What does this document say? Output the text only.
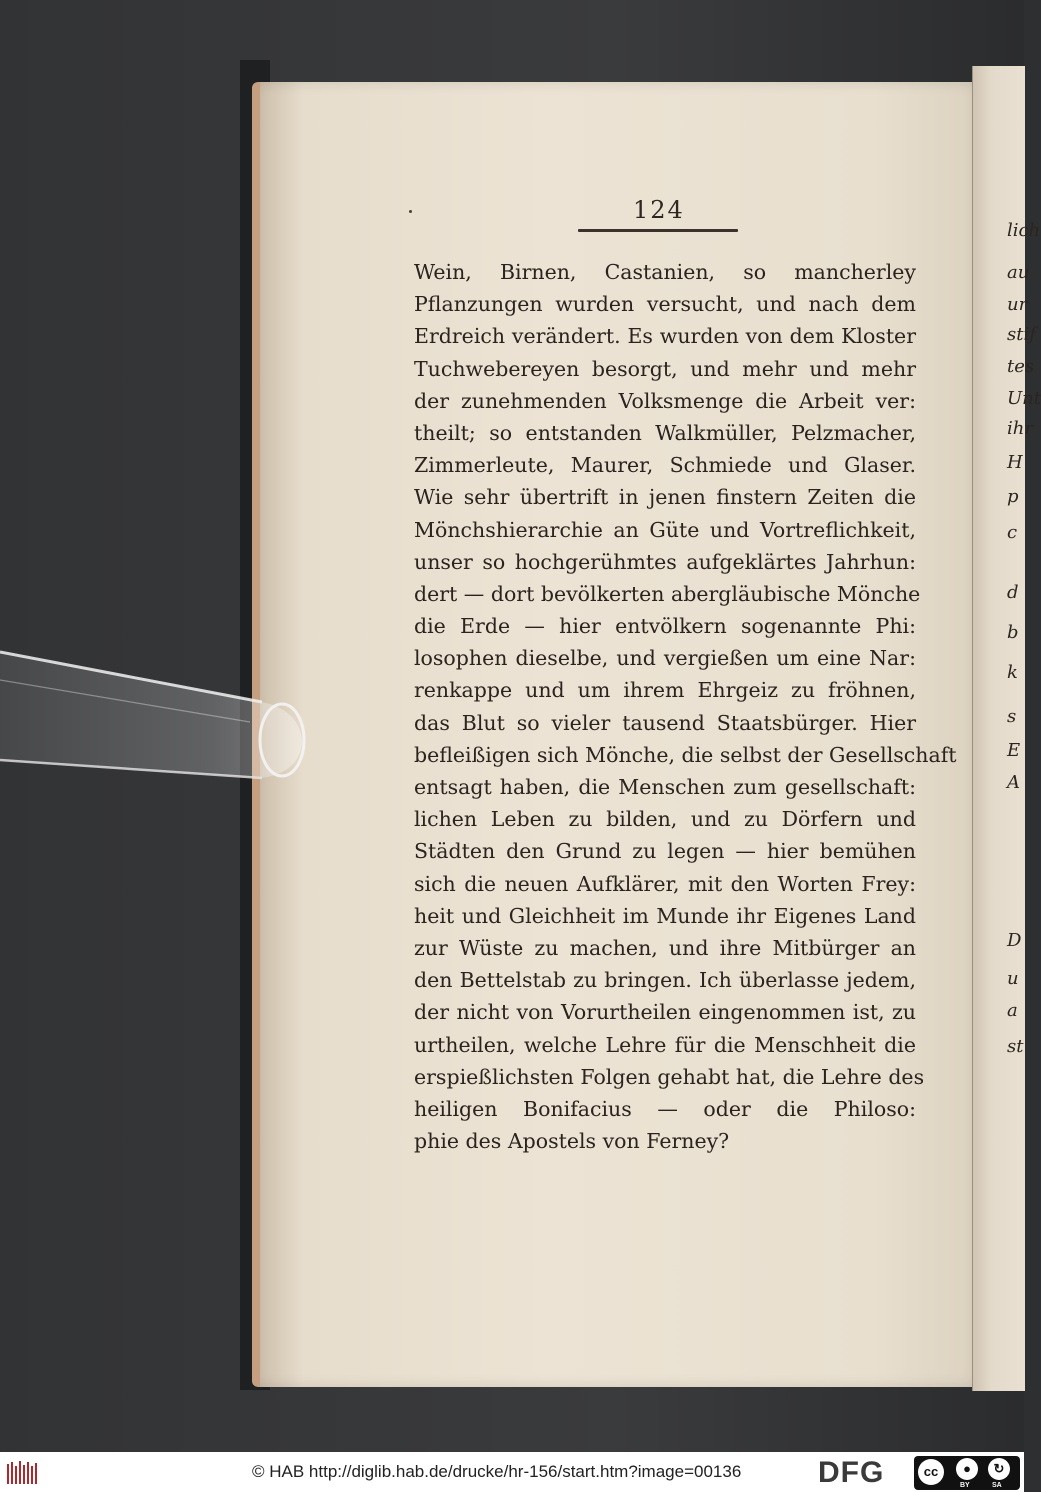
lich
au
ur
stif
tes
Unt
ihr
H
p
c
d
b
k
s
E
A
D
u
a
st
124
Wein, Birnen, Castanien, so mancherley
Pflanzungen wurden versucht, und nach dem
Erdreich verändert. Es wurden von dem Kloster
Tuchwebereyen besorgt, und mehr und mehr
der zunehmenden Volksmenge die Arbeit ver:
theilt; so entstanden Walkmüller, Pelzmacher,
Zimmerleute, Maurer, Schmiede und Glaser.
Wie sehr übertrift in jenen finstern Zeiten die
Mönchshierarchie an Güte und Vortreflichkeit,
unser so hochgerühmtes aufgeklärtes Jahrhun:
dert — dort bevölkerten abergläubische Mönche
die Erde — hier entvölkern sogenannte Phi:
losophen dieselbe, und vergießen um eine Nar:
renkappe und um ihrem Ehrgeiz zu fröhnen,
das Blut so vieler tausend Staatsbürger. Hier
befleißigen sich Mönche, die selbst der Gesellschaft
entsagt haben, die Menschen zum gesellschaft:
lichen Leben zu bilden, und zu Dörfern und
Städten den Grund zu legen — hier bemühen
sich die neuen Aufklärer, mit den Worten Frey:
heit und Gleichheit im Munde ihr Eigenes Land
zur Wüste zu machen, und ihre Mitbürger an
den Bettelstab zu bringen. Ich überlasse jedem,
der nicht von Vorurtheilen eingenommen ist, zu
urtheilen, welche Lehre für die Menschheit die
erspießlichsten Folgen gehabt hat, die Lehre des
heiligen Bonifacius — oder die Philoso:
phie des Apostels von Ferney?
© HAB http://diglib.hab.de/drucke/hr-156/start.htm?image=00136	DFG	cc	●	↻
BY	SA
